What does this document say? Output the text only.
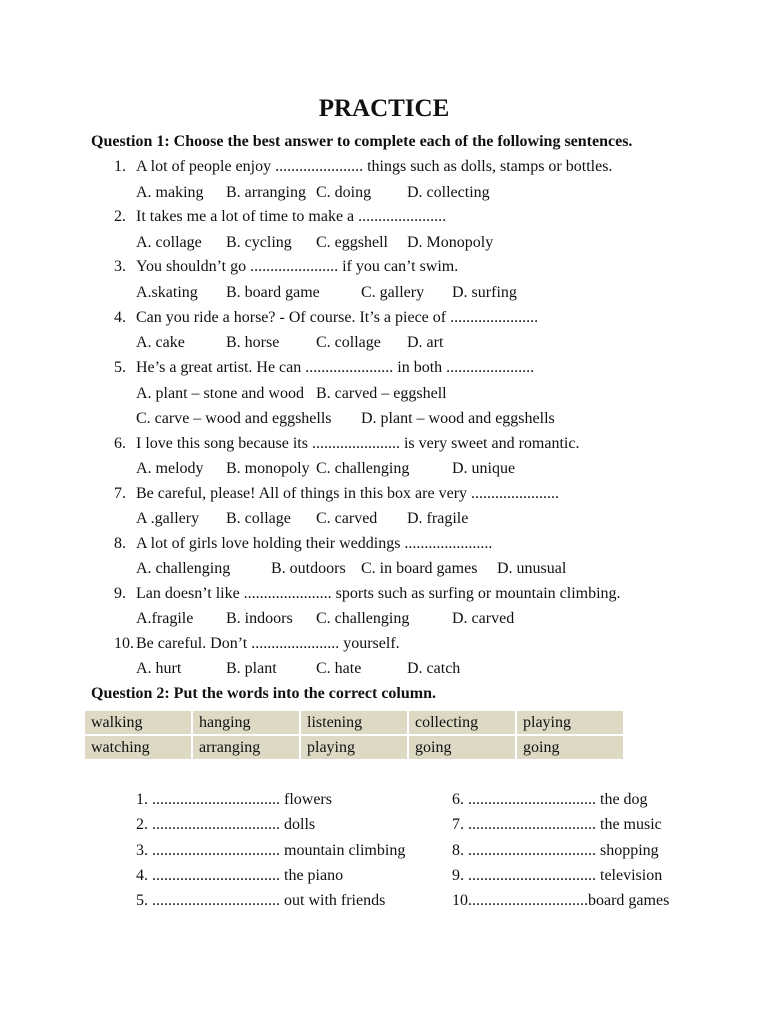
PRACTICE
Question 1: Choose the best answer to complete each of the following sentences.
1. A lot of people enjoy ...................... things such as dolls, stamps or bottles.
A. making B. arranging C. doing D. collecting
2. It takes me a lot of time to make a ......................
A. collage B. cycling C. eggshell D. Monopoly
3. You shouldn’t go ...................... if you can’t swim.
A.skating B. board game	C. gallery D. surfing
4. Can you ride a horse? - Of course. It’s a piece of ......................
A. cake	B. horse C. collage D. art
5. He’s a great artist. He can ...................... in both ......................
A. plant – stone and wood B. carved – eggshell
C. carve – wood and eggshells D. plant – wood and eggshells
6. I love this song because its ...................... is very sweet and romantic.
A. melody B. monopoly C. challenging	D. unique
7. Be careful, please! All of things in this box are very ......................
A .gallery B. collage C. carved D. fragile
8. A lot of girls love holding their weddings ......................
A. challenging	B. outdoors C. in board games D. unusual
9. Lan doesn’t like ...................... sports such as surfing or mountain climbing.
A.fragile B. indoors C. challenging	D. carved
10. Be careful. Don’t ...................... yourself.
A. hurt	B. plant C. hate	D. catch
Question 2: Put the words into the correct column.
walking	hanging	listening	collecting	playing
watching	arranging	playing	going	going
1. ................................ flowers
2. ................................ dolls
3. ................................ mountain climbing
4. ................................ the piano
5. ................................ out with friends
6. ................................ the dog
7. ................................ the music
8. ................................ shopping
9. ................................ television
10..............................board games
